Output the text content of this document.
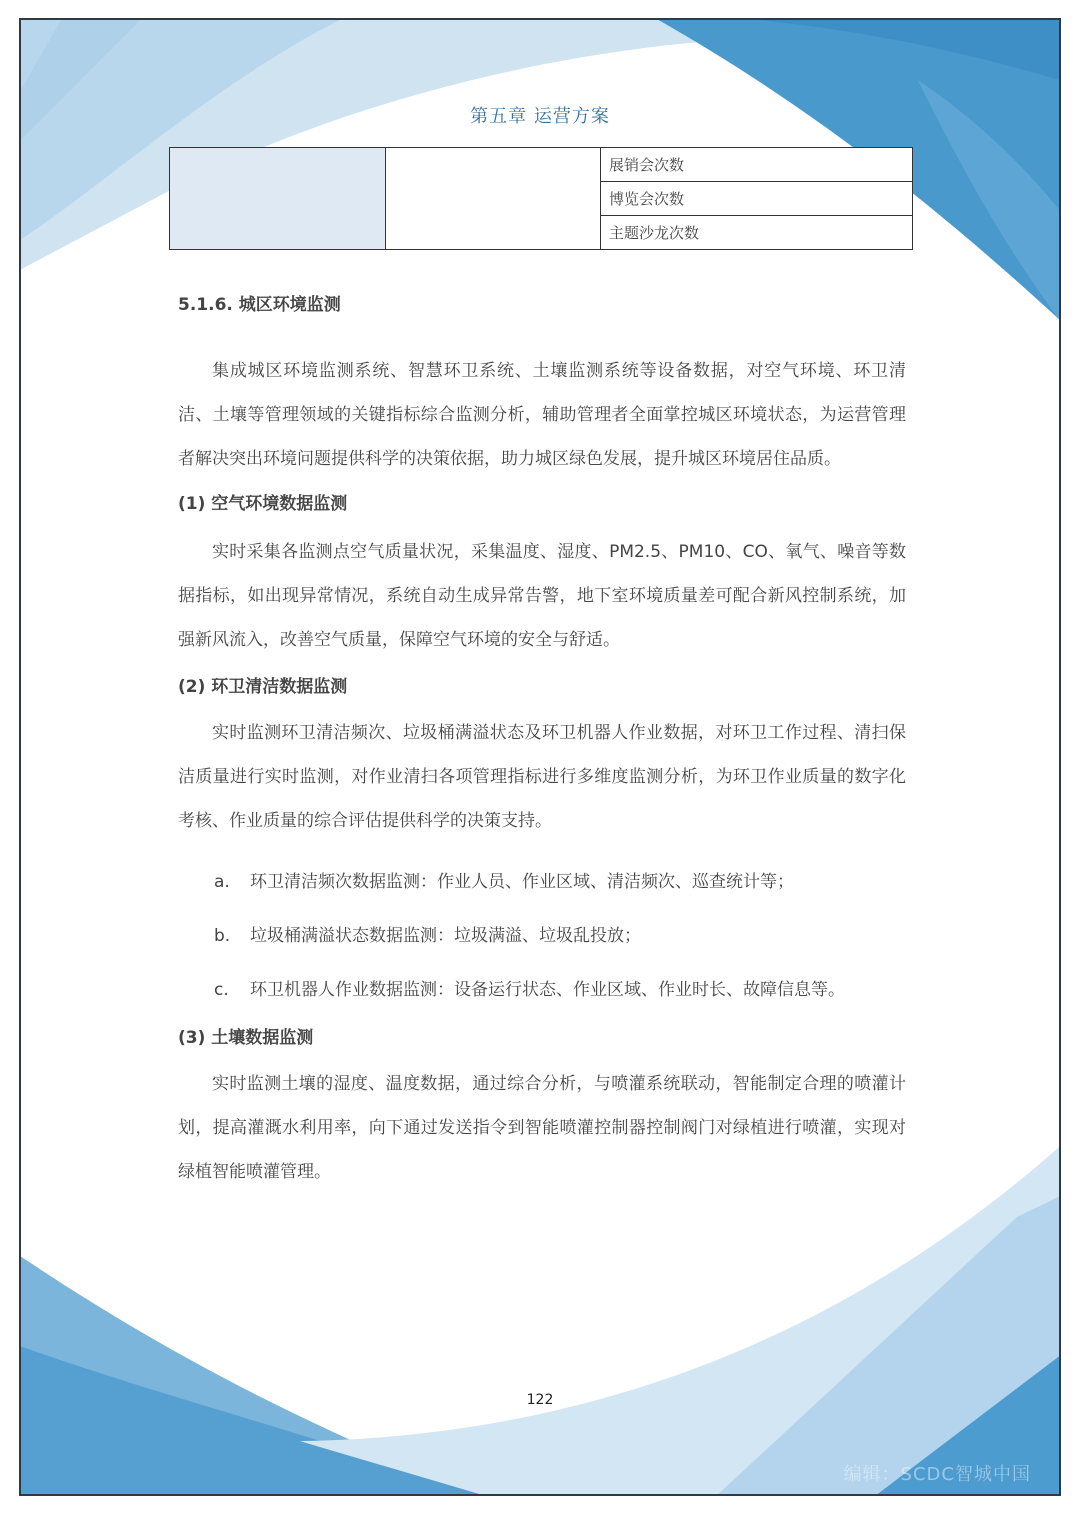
第五章 运营方案
		展销会次数
博览会次数
主题沙龙次数

5.1.6. 城区环境监测

集成城区环境监测系统、智慧环卫系统、土壤监测系统等设备数据，对空气环境、环卫清洁、土壤等管理领域的关键指标综合监测分析，辅助管理者全面掌控城区环境状态，为运营管理者解决突出环境问题提供科学的决策依据，助力城区绿色发展，提升城区环境居住品质。

(1) 空气环境数据监测

实时采集各监测点空气质量状况，采集温度、湿度、PM2.5、PM10、CO、氧气、噪音等数据指标，如出现异常情况，系统自动生成异常告警，地下室环境质量差可配合新风控制系统，加强新风流入，改善空气质量，保障空气环境的安全与舒适。

(2) 环卫清洁数据监测

实时监测环卫清洁频次、垃圾桶满溢状态及环卫机器人作业数据，对环卫工作过程、清扫保洁质量进行实时监测，对作业清扫各项管理指标进行多维度监测分析，为环卫作业质量的数字化考核、作业质量的综合评估提供科学的决策支持。

a. 环卫清洁频次数据监测：作业人员、作业区域、清洁频次、巡查统计等；

b. 垃圾桶满溢状态数据监测：垃圾满溢、垃圾乱投放；

c. 环卫机器人作业数据监测：设备运行状态、作业区域、作业时长、故障信息等。

(3) 土壤数据监测

实时监测土壤的湿度、温度数据，通过综合分析，与喷灌系统联动，智能制定合理的喷灌计划，提高灌溉水利用率，向下通过发送指令到智能喷灌控制器控制阀门对绿植进行喷灌，实现对绿植智能喷灌管理。

122
编辑：SCDC智城中国
